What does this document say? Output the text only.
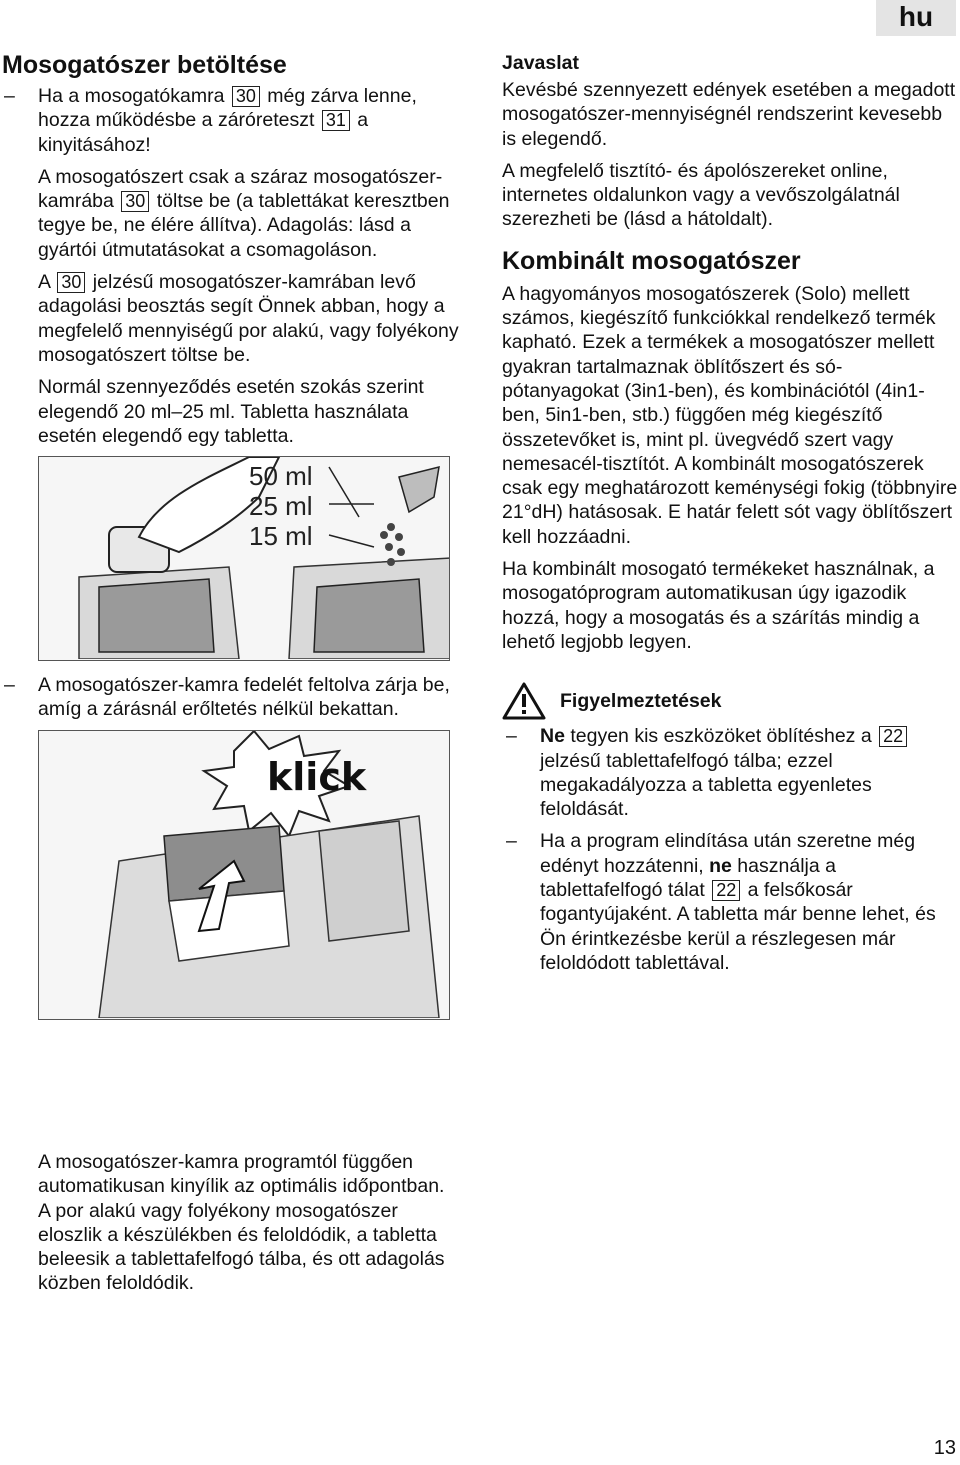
hu
Mosogatószer betöltése
– Ha a mosogatókamra 30 még zárva lenne, hozza működésbe a záróreteszt 31 a kinyitásához!
A mosogatószert csak a száraz mosogatószer-kamrába 30 töltse be (a tablettákat keresztben tegye be, ne élére állítva). Adagolás: lásd a gyártói útmutatásokat a csomagoláson.
A 30 jelzésű mosogatószer-kamrában levő adagolási beosztás segít Önnek abban, hogy a megfelelő mennyiségű por alakú, vagy folyékony mosogatószert töltse be.
Normál szennyeződés esetén szokás szerint elegendő 20 ml–25 ml. Tabletta használata esetén elegendő egy tabletta.
50 ml
25 ml
15 ml
– A mosogatószer-kamra fedelét feltolva zárja be, amíg a zárásnál erőltetés nélkül bekattan.
klick
A mosogatószer-kamra programtól függően automatikusan kinyílik az optimális időpontban. A por alakú vagy folyékony mosogatószer eloszlik a készülékben és feloldódik, a tabletta beleesik a tablettafelfogó tálba, és ott adagolás közben feloldódik.
Javaslat
Kevésbé szennyezett edények esetében a megadott mosogatószer-mennyiségnél rendszerint kevesebb is elegendő.
A megfelelő tisztító- és ápolószereket online, internetes oldalunkon vagy a vevőszolgálatnál szerezheti be (lásd a hátoldalt).
Kombinált mosogatószer
A hagyományos mosogatószerek (Solo) mellett számos, kiegészítő funkciókkal rendelkező termék kapható. Ezek a termékek a mosogatószer mellett gyakran tartalmaznak öblítőszert és só-pótanyagokat (3in1-ben), és kombinációtól (4in1-ben, 5in1-ben, stb.) függően még kiegészítő összetevőket is, mint pl. üvegvédő szert vagy nemesacél-tisztítót. A kombinált mosogatószerek csak egy meghatározott keménységi fokig (többnyire 21°dH) hatásosak. E határ felett sót vagy öblítőszert kell hozzáadni.
Ha kombinált mosogató termékeket használnak, a mosogatóprogram automatikusan úgy igazodik hozzá, hogy a mosogatás és a szárítás mindig a lehető legjobb legyen.
Figyelmeztetések
– Ne tegyen kis eszközöket öblítéshez a 22 jelzésű tablettafelfogó tálba; ezzel megakadályozza a tabletta egyenletes feloldását.
– Ha a program elindítása után szeretne még edényt hozzátenni, ne használja a tablettafelfogó tálat 22 a felsőkosár fogantyújaként. A tabletta már benne lehet, és Ön érintkezésbe kerül a részlegesen már feloldódott tablettával.
13
